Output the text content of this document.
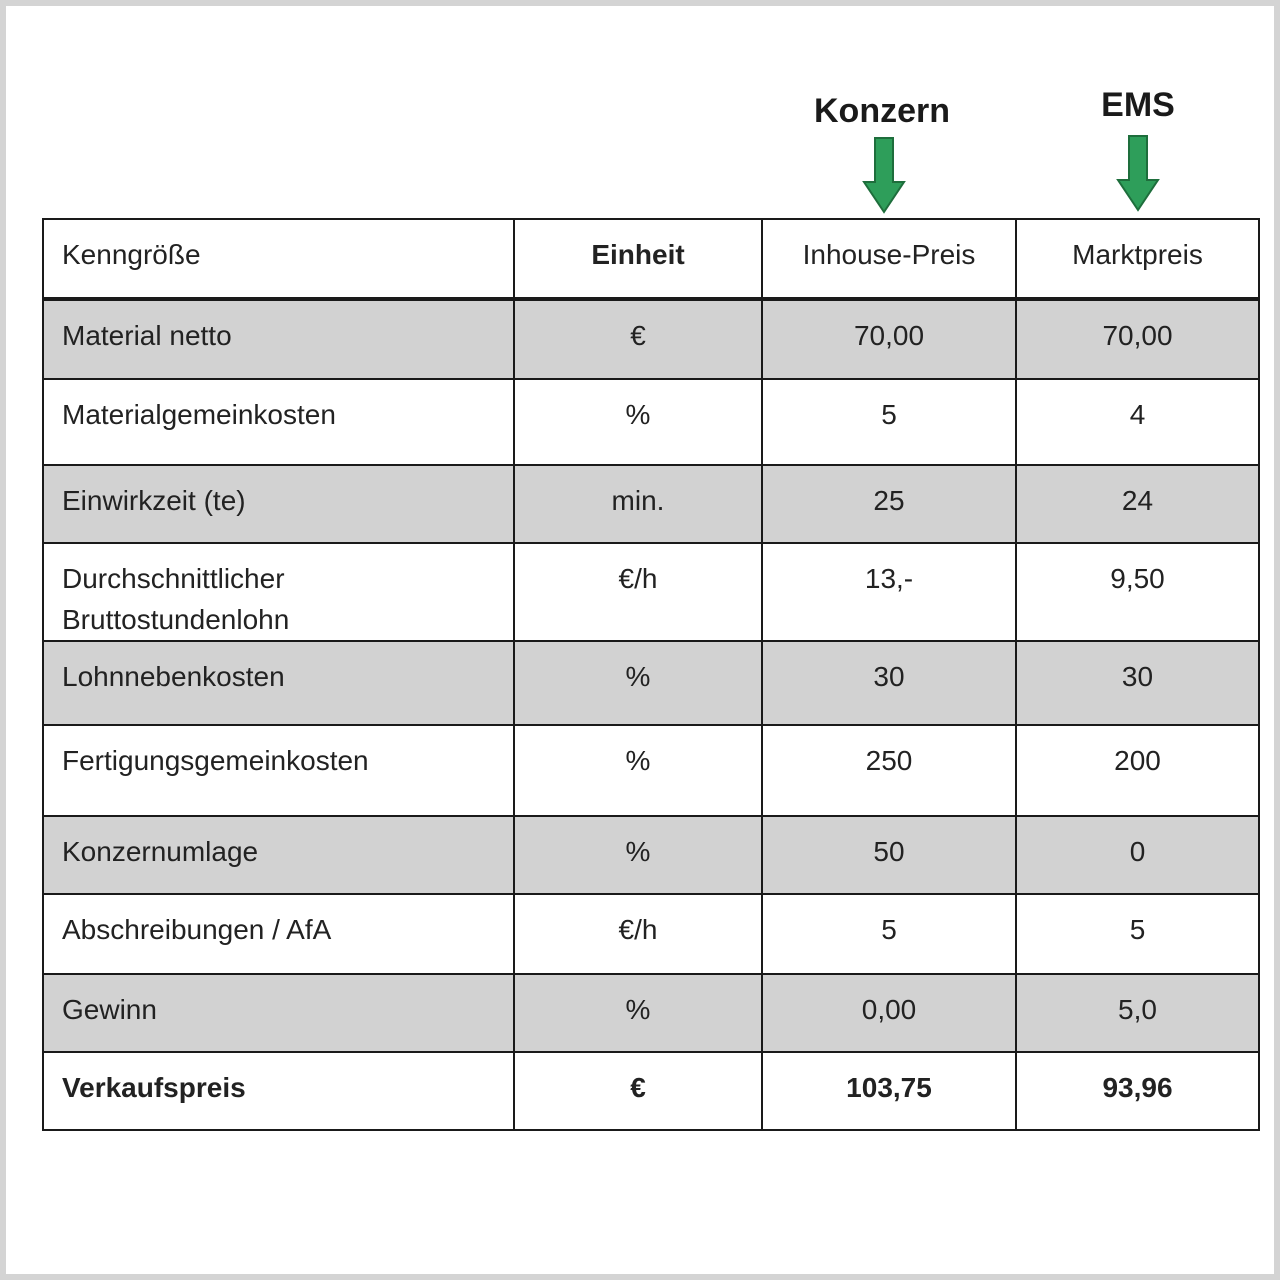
Konzern	EMS
Kenngröße	Einheit	Inhouse-Preis	Marktpreis
Material netto	€	70,00	70,00
Materialgemeinkosten	%	5	4
Einwirkzeit (te)	min.	25	24
Durchschnittlicher Bruttostundenlohn	€/h	13,-	9,50
Lohnnebenkosten	%	30	30
Fertigungsgemeinkosten	%	250	200
Konzernumlage	%	50	0
Abschreibungen / AfA	€/h	5	5
Gewinn	%	0,00	5,0
Verkaufspreis	€	103,75	93,96
